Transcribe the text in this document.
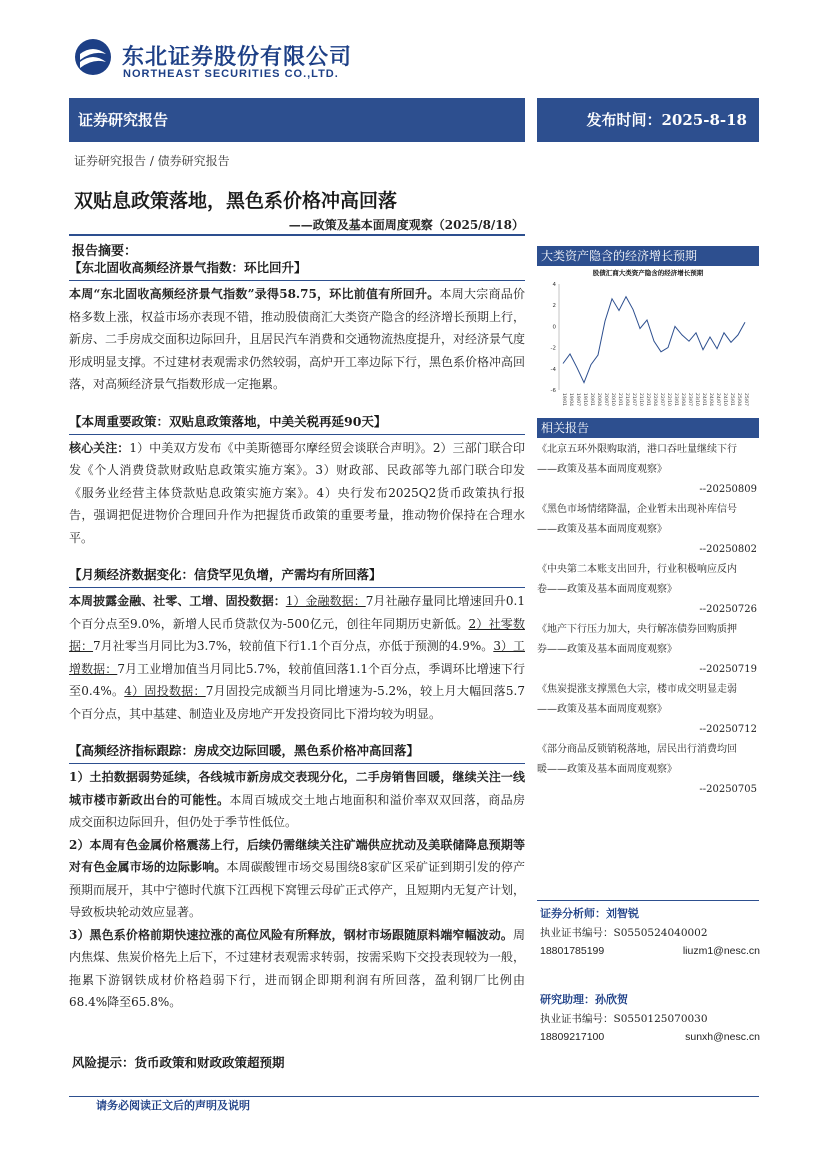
东北证券股份有限公司
NORTHEAST SECURITIES CO.,LTD.
证券研究报告	发布时间：2025-8-18
证券研究报告 / 债券研究报告
双贴息政策落地，黑色系价格冲高回落
——政策及基本面周度观察（2025/8/18）
报告摘要：
【东北固收高频经济景气指数：环比回升】
本周“东北固收高频经济景气指数”录得58.75，环比前值有所回升。本周大宗商品价格多数上涨，权益市场亦表现不错，推动股债商汇大类资产隐含的经济增长预期上行，新房、二手房成交面积边际回升，且居民汽车消费和交通物流热度提升，对经济景气度形成明显支撑。不过建材表观需求仍然较弱，高炉开工率边际下行，黑色系价格冲高回落，对高频经济景气指数形成一定拖累。
【本周重要政策：双贴息政策落地，中美关税再延90天】
核心关注：1）中美双方发布《中美斯德哥尔摩经贸会谈联合声明》。2）三部门联合印发《个人消费贷款财政贴息政策实施方案》。3）财政部、民政部等九部门联合印发《服务业经营主体贷款贴息政策实施方案》。4）央行发布2025Q2货币政策执行报告，强调把促进物价合理回升作为把握货币政策的重要考量，推动物价保持在合理水平。
【月频经济数据变化：信贷罕见负增，产需均有所回落】
本周披露金融、社零、工增、固投数据：1）金融数据：7月社融存量同比增速回升0.1个百分点至9.0%，新增人民币贷款仅为-500亿元，创往年同期历史新低。2）社零数据：7月社零当月同比为3.7%，较前值下行1.1个百分点，亦低于预测的4.9%。3）工增数据：7月工业增加值当月同比5.7%，较前值回落1.1个百分点，季调环比增速下行至0.4%。4）固投数据：7月固投完成额当月同比增速为-5.2%，较上月大幅回落5.7个百分点，其中基建、制造业及房地产开发投资同比下滑均较为明显。
【高频经济指标跟踪：房成交边际回暖，黑色系价格冲高回落】
1）土拍数据弱势延续，各线城市新房成交表现分化，二手房销售回暖，继续关注一线城市楼市新政出台的可能性。本周百城成交土地占地面积和溢价率双双回落，商品房成交面积边际回升，但仍处于季节性低位。
2）本周有色金属价格震荡上行，后续仍需继续关注矿端供应扰动及美联储降息预期等对有色金属市场的边际影响。本周碳酸锂市场交易围绕8家矿区采矿证到期引发的停产预期而展开，其中宁德时代旗下江西枧下窝锂云母矿正式停产，且短期内无复产计划，导致板块轮动效应显著。
3）黑色系价格前期快速拉涨的高位风险有所释放，钢材市场跟随原料端窄幅波动。周内焦煤、焦炭价格先上后下，不过建材表观需求转弱，按需采购下交投表现较为一般，拖累下游钢铁成材价格趋弱下行，进而钢企即期利润有所回落，盈利钢厂比例由68.4%降至65.8%。
风险提示：货币政策和财政政策超预期
大类资产隐含的经济增长预期
股债汇商大类资产隐含的经济增长预期
4
2
0
-2
-4
-6
19/01 19/04 19/07 19/10 20/01 20/04 20/07 20/10 21/01 21/04 21/07 21/10 22/01 22/04 22/07 22/10 23/01 23/04 23/07 23/10 24/01 24/04 24/07 24/10 25/01 25/04 25/07
相关报告
《北京五环外限购取消，港口吞吐量继续下行
——政策及基本面周度观察》
--20250809
《黑色市场情绪降温，企业暂未出现补库信号
——政策及基本面周度观察》
--20250802
《中央第二本账支出回升，行业积极响应反内
卷——政策及基本面周度观察》
--20250726
《地产下行压力加大，央行解冻债券回购质押
券——政策及基本面周度观察》
--20250719
《焦炭提涨支撑黑色大宗，楼市成交明显走弱
——政策及基本面周度观察》
--20250712
《部分商品反锁销税落地，居民出行消费均回
暖——政策及基本面周度观察》
--20250705
证券分析师：刘智锐
执业证书编号：S0550524040002
18801785199	liuzm1@nesc.cn
研究助理：孙欣贺
执业证书编号：S0550125070030
18809217100	sunxh@nesc.cn
请务必阅读正文后的声明及说明
